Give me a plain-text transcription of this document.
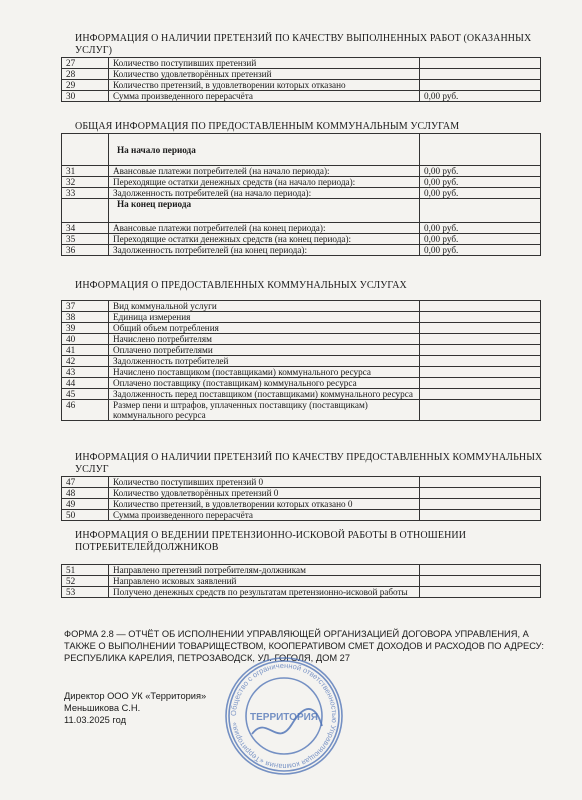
ИНФОРМАЦИЯ О НАЛИЧИИ ПРЕТЕНЗИЙ ПО КАЧЕСТВУ ВЫПОЛНЕННЫХ РАБОТ (ОКАЗАННЫХ УСЛУГ)
27	Количество поступивших претензий	
28	Количество удовлетворённых претензий	
29	Количество претензий, в удовлетворении которых отказано	
30	Сумма произведенного перерасчёта	0,00 руб.
ОБЩАЯ ИНФОРМАЦИЯ ПО ПРЕДОСТАВЛЕННЫМ КОММУНАЛЬНЫМ УСЛУГАМ
	На начало периода	
31	Авансовые платежи потребителей (на начало периода):	0,00 руб.
32	Переходящие остатки денежных средств (на начало периода):	0,00 руб.
33	Задолженность потребителей (на начало периода):	0,00 руб.
	На конец периода	
34	Авансовые платежи потребителей (на конец периода):	0,00 руб.
35	Переходящие остатки денежных средств (на конец периода):	0,00 руб.
36	Задолженность потребителей (на конец периода):	0,00 руб.
ИНФОРМАЦИЯ О ПРЕДОСТАВЛЕННЫХ КОММУНАЛЬНЫХ УСЛУГАХ
37	Вид коммунальной услуги	
38	Единица измерения	
39	Общий объем потребления	
40	Начислено потребителям	
41	Оплачено потребителями	
42	Задолженность потребителей	
43	Начислено поставщиком (поставщиками) коммунального ресурса	
44	Оплачено поставщику (поставщикам) коммунального ресурса	
45	Задолженность перед поставщиком (поставщиками) коммунального ресурса	
46	Размер пени и штрафов, уплаченных поставщику (поставщикам) коммунального ресурса	
ИНФОРМАЦИЯ О НАЛИЧИИ ПРЕТЕНЗИЙ ПО КАЧЕСТВУ ПРЕДОСТАВЛЕННЫХ КОММУНАЛЬНЫХ УСЛУГ
47	Количество поступивших претензий 0	
48	Количество удовлетворённых претензий 0	
49	Количество претензий, в удовлетворении которых отказано 0	
50	Сумма произведенного перерасчёта	
ИНФОРМАЦИЯ О ВЕДЕНИИ ПРЕТЕНЗИОННО-ИСКОВОЙ РАБОТЫ В ОТНОШЕНИИ ПОТРЕБИТЕЛЕЙДОЛЖНИКОВ
51	Направлено претензий потребителям-должникам	
52	Направлено исковых заявлений	
53	Получено денежных средств по результатам претензионно-исковой работы	
ФОРМА 2.8 — ОТЧЁТ ОБ ИСПОЛНЕНИИ УПРАВЛЯЮЩЕЙ ОРГАНИЗАЦИЕЙ ДОГОВОРА УПРАВЛЕНИЯ, А ТАКЖЕ О ВЫПОЛНЕНИИ ТОВАРИЩЕСТВОМ, КООПЕРАТИВОМ СМЕТ ДОХОДОВ И РАСХОДОВ ПО АДРЕСУ: РЕСПУБЛИКА КАРЕЛИЯ, ПЕТРОЗАВОДСК, УЛ. ГОГОЛЯ, ДОМ 27
Директор ООО УК «Территория»
Меньшикова С.Н.
11.03.2025 год
Общество с ограниченной ответственностью Управляющая компания «Территория»
ТЕРРИТОРИЯ
